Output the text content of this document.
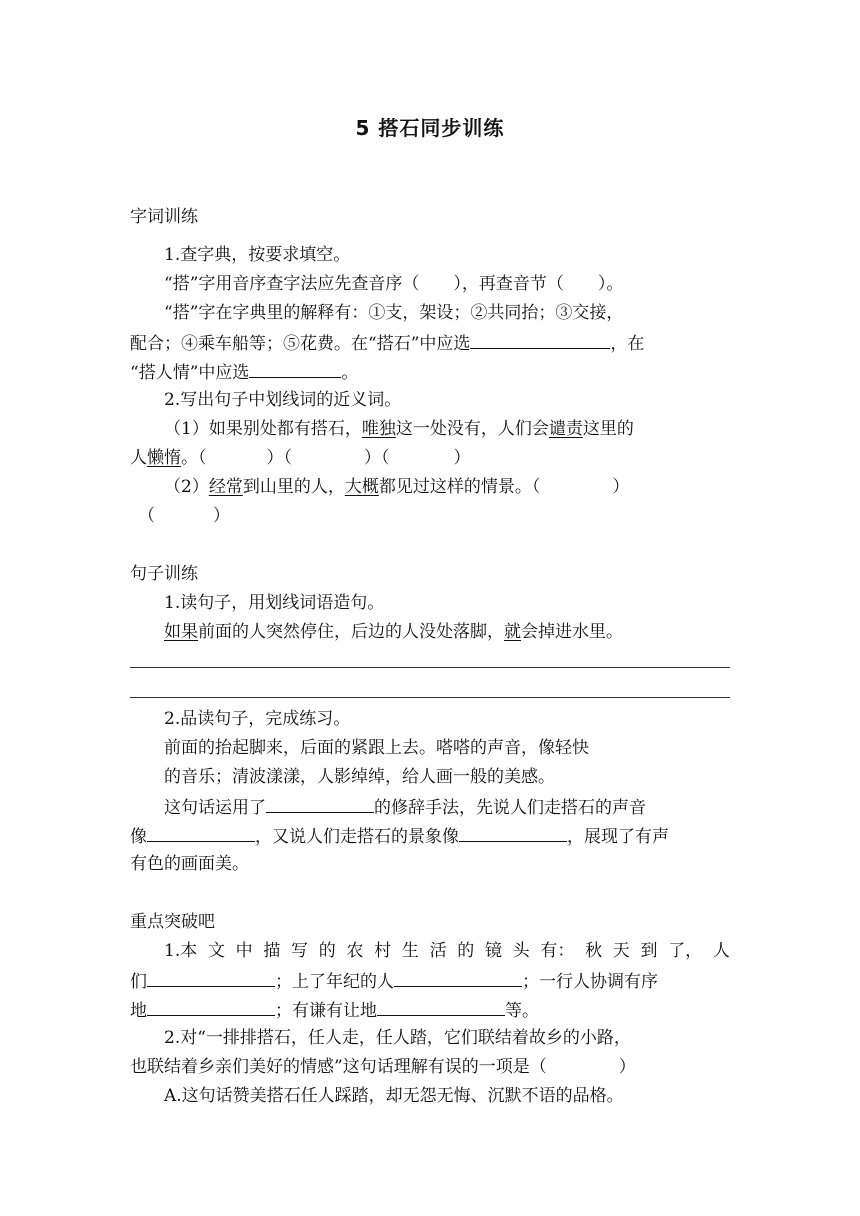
5 搭石同步训练
字词训练
1.查字典，按要求填空。
“搭”字用音序查字法应先查音序（ ），再查音节（ ）。
“搭”字在字典里的解释有：①支，架设；②共同抬；③交接，
配合；④乘车船等；⑤花费。在“搭石”中应选	，在
“搭人情”中应选	。
2.写出句子中划线词的近义词。
（1）如果别处都有搭石，唯独这一处没有，人们会谴责这里的
人懒惰。（	）（	）（	）
（2）经常到山里的人，大概都见过这样的情景。（	）
（	）
句子训练
1.读句子，用划线词语造句。
如果前面的人突然停住，后边的人没处落脚，就会掉进水里。
2.品读句子，完成练习。
前面的抬起脚来，后面的紧跟上去。嗒嗒的声音，像轻快
的音乐；清波漾漾，人影绰绰，给人画一般的美感。
这句话运用了	的修辞手法，先说人们走搭石的声音
像	，又说人们走搭石的景象像	，展现了有声
有色的画面美。
重点突破吧
1.本 文 中 描 写 的 农 村 生 活 的 镜 头 有： 秋 天 到 了， 人
们	；上了年纪的人	；一行人协调有序
地	；有谦有让地	等。
2.对“一排排搭石，任人走，任人踏，它们联结着故乡的小路，
也联结着乡亲们美好的情感”这句话理解有误的一项是（	）
A.这句话赞美搭石任人踩踏，却无怨无悔、沉默不语的品格。
